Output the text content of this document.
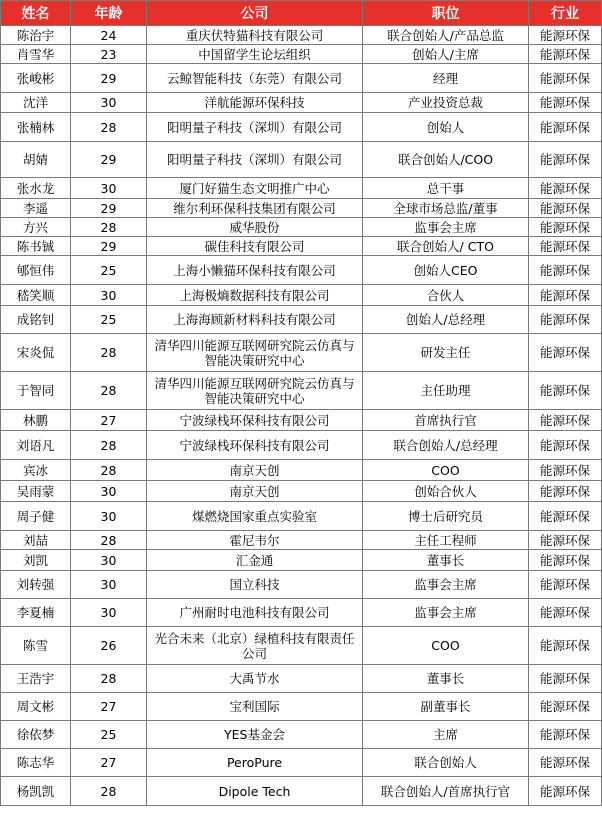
姓名	年龄	公司	职位	行业
陈治宇	24	重庆伏特猫科技有限公司	联合创始人/产品总监	能源环保
肖雪华	23	中国留学生论坛组织	创始人/主席	能源环保
张峻彬	29	云鲸智能科技（东莞）有限公司	经理	能源环保
沈洋	30	洋航能源环保科技	产业投资总裁	能源环保
张楠林	28	阳明量子科技（深圳）有限公司	创始人	能源环保
胡婧	29	阳明量子科技（深圳）有限公司	联合创始人/COO	能源环保
张水龙	30	厦门好猫生态文明推广中心	总干事	能源环保
李遥	29	维尔利环保科技集团有限公司	全球市场总监/董事	能源环保
方兴	28	威华股份	监事会主席	能源环保
陈书铖	29	碳佳科技有限公司	联合创始人/ CTO	能源环保
郇恒伟	25	上海小懒猫环保科技有限公司	创始人CEO	能源环保
嵇笑顺	30	上海极熵数据科技有限公司	合伙人	能源环保
成铭钊	25	上海海顾新材料科技有限公司	创始人/总经理	能源环保
宋炎侃	28	清华四川能源互联网研究院云仿真与智能决策研究中心	研发主任	能源环保
于智同	28	清华四川能源互联网研究院云仿真与智能决策研究中心	主任助理	能源环保
林鹏	27	宁波绿栈环保科技有限公司	首席执行官	能源环保
刘语凡	28	宁波绿栈环保科技有限公司	联合创始人/总经理	能源环保
宾冰	28	南京天创	COO	能源环保
吴雨蒙	30	南京天创	创始合伙人	能源环保
周子健	30	煤燃烧国家重点实验室	博士后研究员	能源环保
刘喆	28	霍尼韦尔	主任工程师	能源环保
刘凯	30	汇金通	董事长	能源环保
刘转强	30	国立科技	监事会主席	能源环保
李夏楠	30	广州耐时电池科技有限公司	监事会主席	能源环保
陈雪	26	光合未来（北京）绿植科技有限责任公司	COO	能源环保
王浩宇	28	大禹节水	董事长	能源环保
周文彬	27	宝利国际	副董事长	能源环保
徐依梦	25	YES基金会	主席	能源环保
陈志华	27	PeroPure	联合创始人	能源环保
杨凯凯	28	Dipole Tech	联合创始人/首席执行官	能源环保
